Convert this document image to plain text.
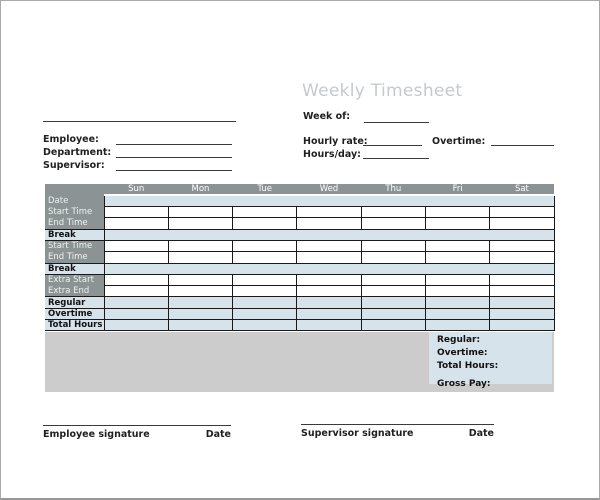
Weekly Timesheet
Employee:
Department:
Supervisor:
Week of:
Hourly rate:	Overtime:
Hours/day:
	Sun	Mon	Tue	Wed	Thu	Fri	Sat
Date							
Start Time							
End Time							
Break							
Start Time							
End Time							
Break							
Extra Start							
Extra End							
Regular							
Overtime							
Total Hours							
Regular:
Overtime:
Total Hours:
Gross Pay:
Employee signature	Date	Supervisor signature	Date
